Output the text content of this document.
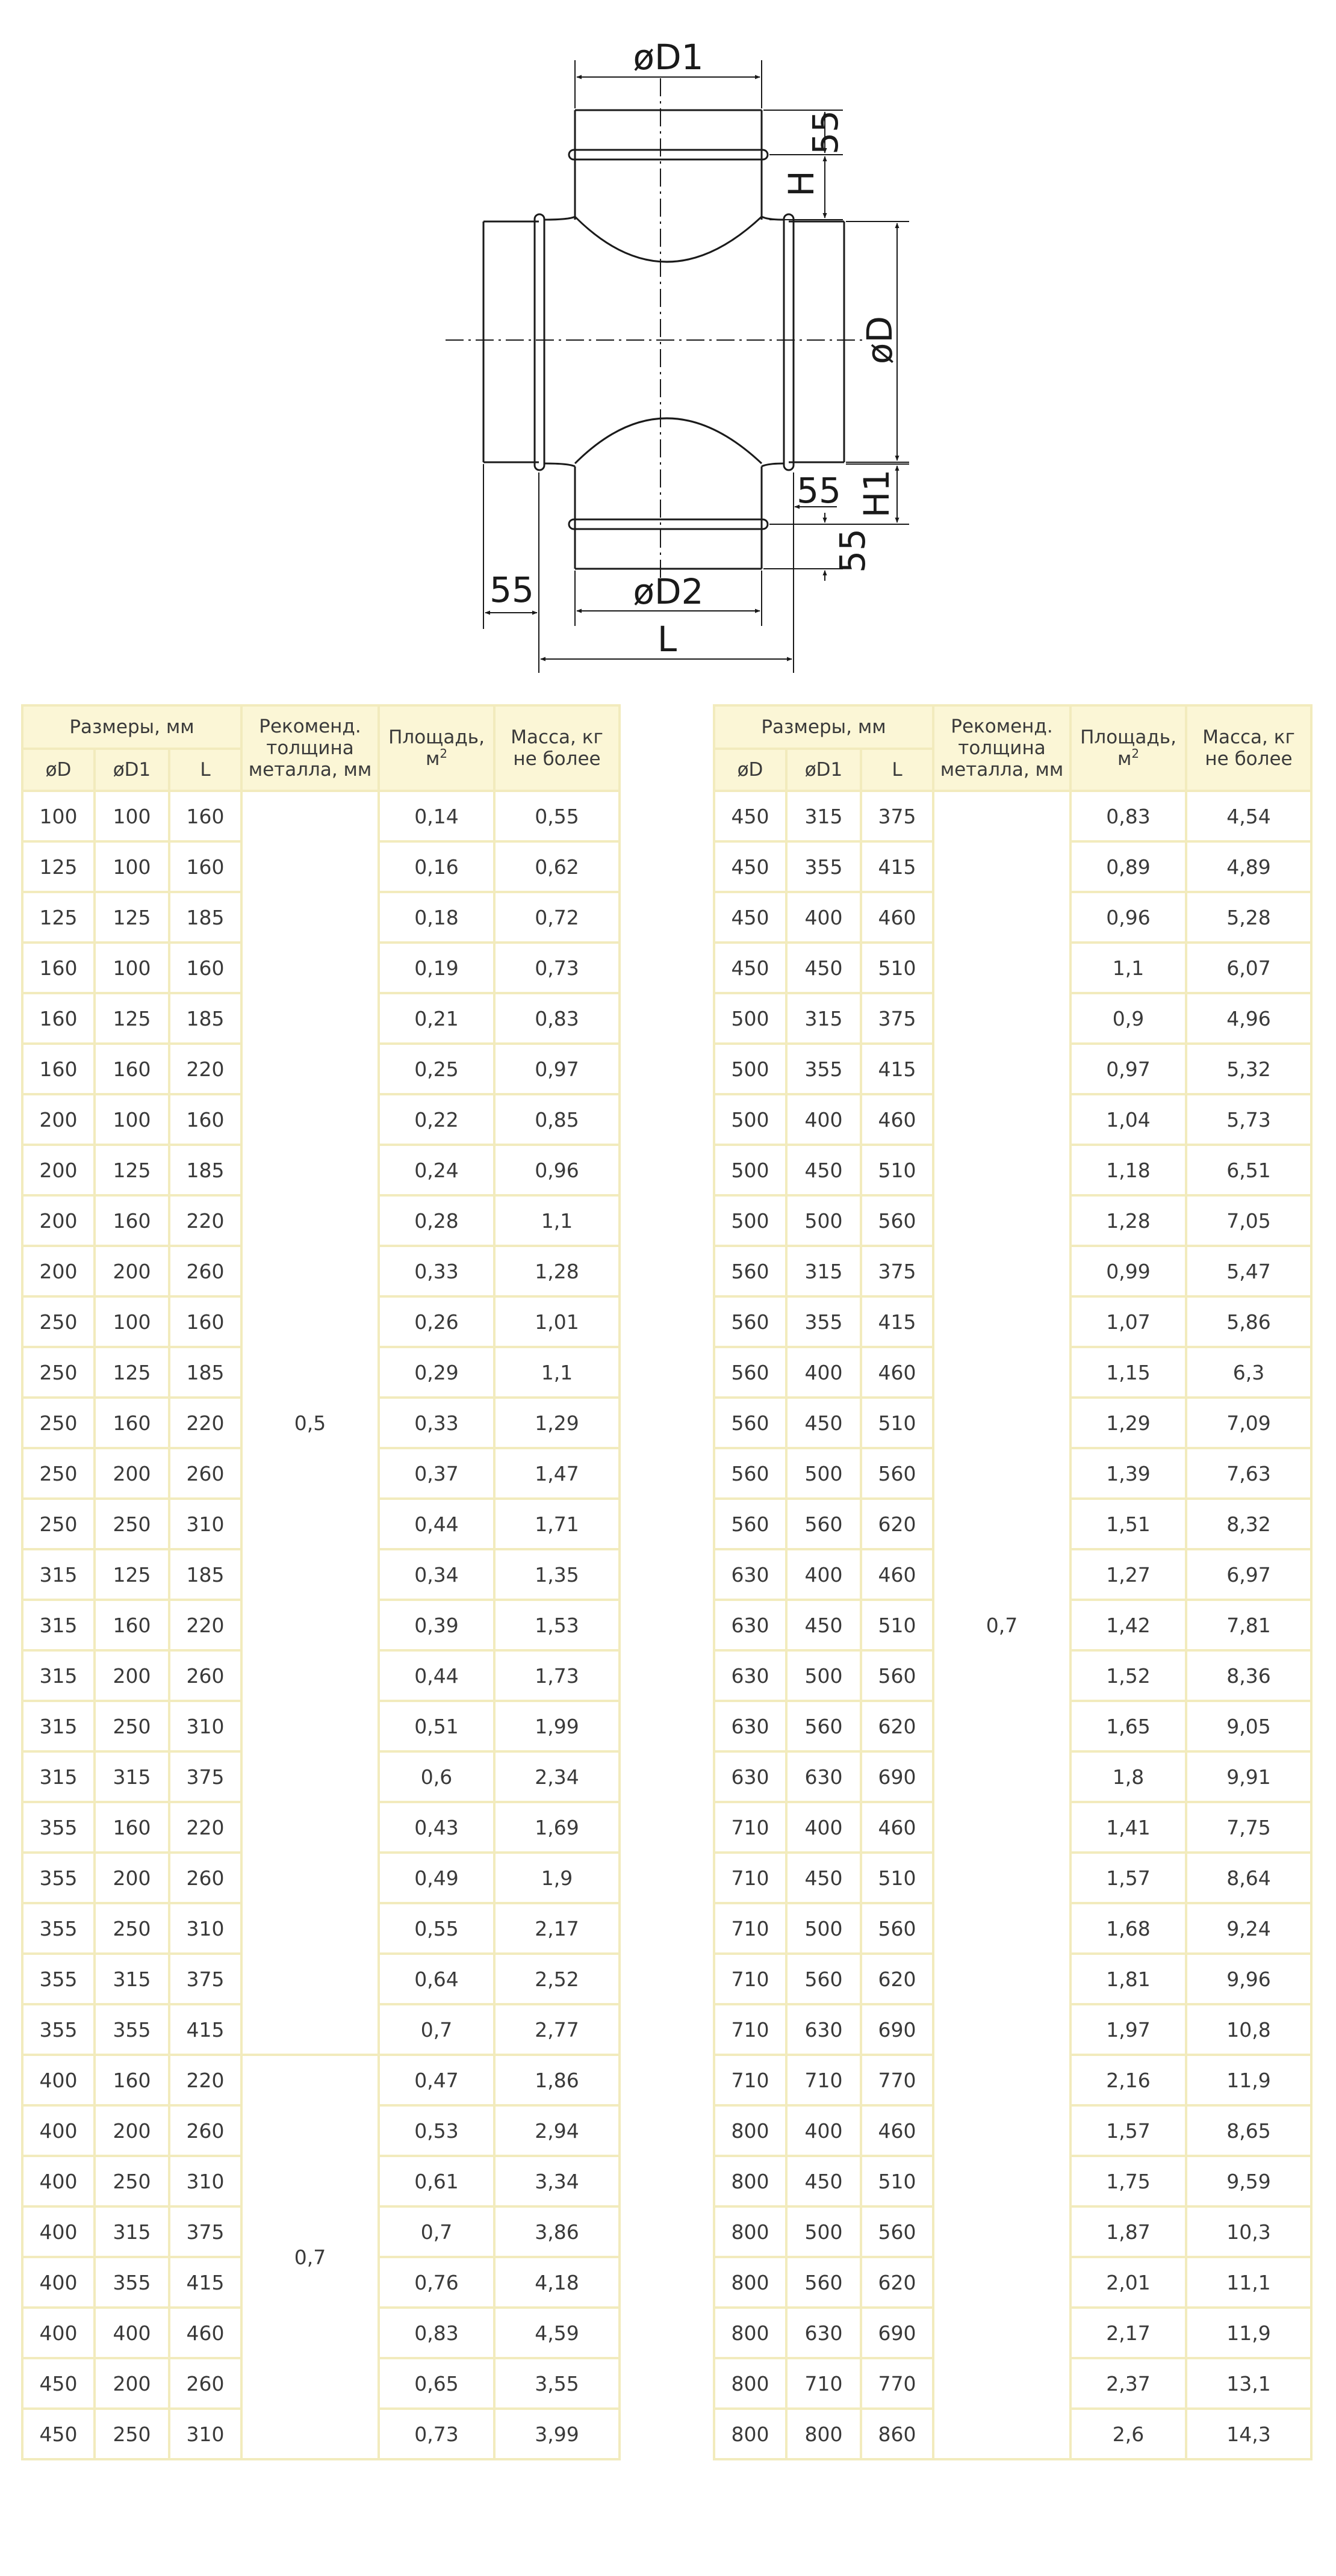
øD1
55
H
øD
H1
55
55
55	øD2
L
Размеры, мм			Рекоменд.
толщина
металла, мм	Площадь,
$м^2$	Масса, кг
не более
øD	øD1	L			
100	100	160	0,5	0,14	0,55
125	100	160		0,16	0,62
125	125	185		0,18	0,72
160	100	160		0,19	0,73
160	125	185		0,21	0,83
160	160	220		0,25	0,97
200	100	160		0,22	0,85
200	125	185		0,24	0,96
200	160	220		0,28	1,1
200	200	260		0,33	1,28
250	100	160		0,26	1,01
250	125	185		0,29	1,1
250	160	220		0,33	1,29
250	200	260		0,37	1,47
250	250	310		0,44	1,71
315	125	185		0,34	1,35
315	160	220		0,39	1,53
315	200	260		0,44	1,73
315	250	310		0,51	1,99
315	315	375		0,6	2,34
355	160	220		0,43	1,69
355	200	260		0,49	1,9
355	250	310		0,55	2,17
355	315	375		0,64	2,52
355	355	415		0,7	2,77
400	160	220	0,7	0,47	1,86
400	200	260		0,53	2,94
400	250	310		0,61	3,34
400	315	375		0,7	3,86
400	355	415		0,76	4,18
400	400	460		0,83	4,59
450	200	260		0,65	3,55
450	250	310		0,73	3,99
Размеры, мм			Рекоменд.
толщина
металла, мм	Площадь,
$м^2$	Масса, кг
не более
øD	øD1	L			
450	315	375	0,7	0,83	4,54
450	355	415		0,89	4,89
450	400	460		0,96	5,28
450	450	510		1,1	6,07
500	315	375		0,9	4,96
500	355	415		0,97	5,32
500	400	460		1,04	5,73
500	450	510		1,18	6,51
500	500	560		1,28	7,05
560	315	375		0,99	5,47
560	355	415		1,07	5,86
560	400	460		1,15	6,3
560	450	510		1,29	7,09
560	500	560		1,39	7,63
560	560	620		1,51	8,32
630	400	460		1,27	6,97
630	450	510		1,42	7,81
630	500	560		1,52	8,36
630	560	620		1,65	9,05
630	630	690		1,8	9,91
710	400	460		1,41	7,75
710	450	510		1,57	8,64
710	500	560		1,68	9,24
710	560	620		1,81	9,96
710	630	690		1,97	10,8
710	710	770		2,16	11,9
800	400	460		1,57	8,65
800	450	510		1,75	9,59
800	500	560		1,87	10,3
800	560	620		2,01	11,1
800	630	690		2,17	11,9
800	710	770		2,37	13,1
800	800	860		2,6	14,3
